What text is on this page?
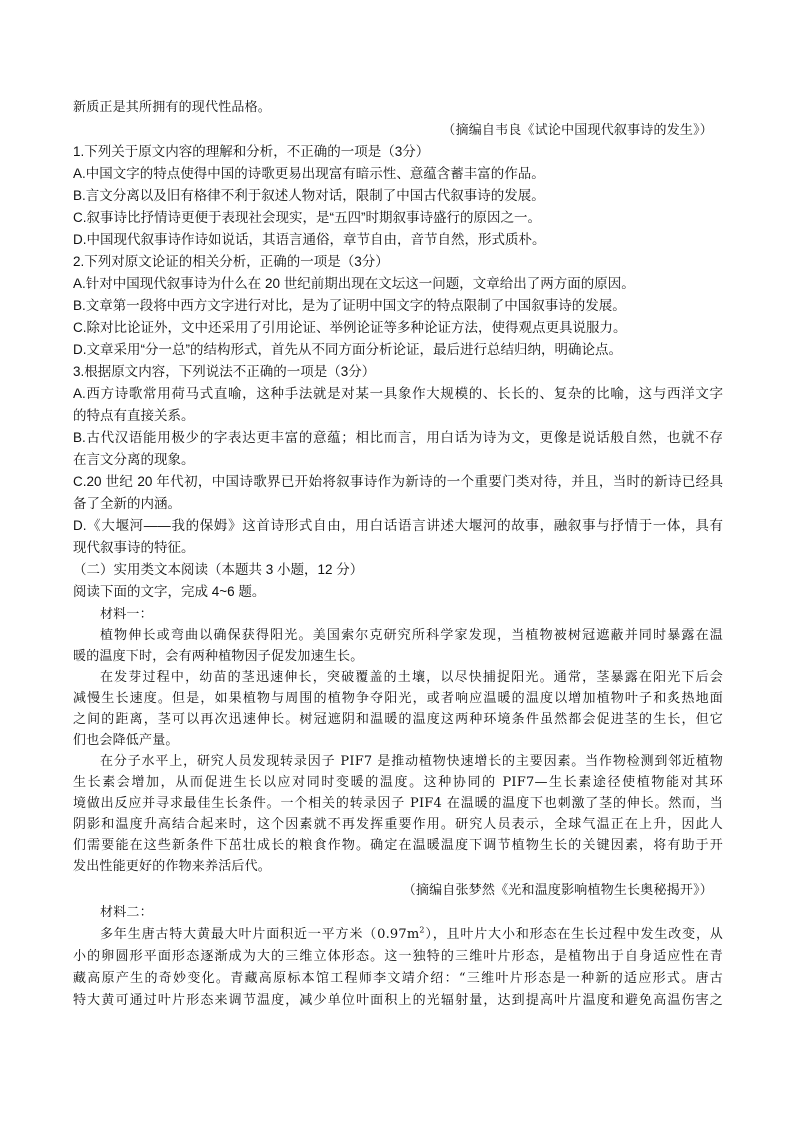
新质正是其所拥有的现代性品格。
（摘编自韦良《试论中国现代叙事诗的发生》）
1.下列关于原文内容的理解和分析，不正确的一项是（3分）
A.中国文字的特点使得中国的诗歌更易出现富有暗示性、意蕴含蓄丰富的作品。
B.言文分离以及旧有格律不利于叙述人物对话，限制了中国古代叙事诗的发展。
C.叙事诗比抒情诗更便于表现社会现实，是“五四”时期叙事诗盛行的原因之一。
D.中国现代叙事诗作诗如说话，其语言通俗，章节自由，音节自然，形式质朴。
2.下列对原文论证的相关分析，正确的一项是（3分）
A.针对中国现代叙事诗为什么在 20 世纪前期出现在文坛这一问题，文章给出了两方面的原因。
B.文章第一段将中西方文字进行对比，是为了证明中国文字的特点限制了中国叙事诗的发展。
C.除对比论证外，文中还采用了引用论证、举例论证等多种论证方法，使得观点更具说服力。
D.文章采用“分一总”的结构形式，首先从不同方面分析论证，最后进行总结归纳，明确论点。
3.根据原文内容，下列说法不正确的一项是（3分）
A.西方诗歌常用荷马式直喻，这种手法就是对某一具象作大规模的、长长的、复杂的比喻，这与西洋文字
的特点有直接关系。
B.古代汉语能用极少的字表达更丰富的意蕴；相比而言，用白话为诗为文，更像是说话般自然，也就不存
在言文分离的现象。
C.20 世纪 20 年代初，中国诗歌界已开始将叙事诗作为新诗的一个重要门类对待，并且，当时的新诗已经具
备了全新的内涵。
D.《大堰河——我的保姆》这首诗形式自由，用白话语言讲述大堰河的故事，融叙事与抒情于一体，具有
现代叙事诗的特征。
（二）实用类文本阅读（本题共 3 小题，12 分）
阅读下面的文字，完成 4~6 题。
材料一：
植物伸长或弯曲以确保获得阳光。美国索尔克研究所科学家发现，当植物被树冠遮蔽并同时暴露在温
暖的温度下时，会有两种植物因子促发加速生长。
在发芽过程中，幼苗的茎迅速伸长，突破覆盖的土壤，以尽快捕捉阳光。通常，茎暴露在阳光下后会
减慢生长速度。但是，如果植物与周围的植物争夺阳光，或者响应温暖的温度以增加植物叶子和炙热地面
之间的距离，茎可以再次迅速伸长。树冠遮阴和温暖的温度这两种环境条件虽然都会促进茎的生长，但它
们也会降低产量。
在分子水平上，研究人员发现转录因子 PIF7 是推动植物快速增长的主要因素。当作物检测到邻近植物
生长素会增加，从而促进生长以应对同时变暖的温度。这种协同的 PIF7—生长素途径使植物能对其环
境做出反应并寻求最佳生长条件。一个相关的转录因子 PIF4 在温暖的温度下也刺激了茎的伸长。然而，当
阴影和温度升高结合起来时，这个因素就不再发挥重要作用。研究人员表示，全球气温正在上升，因此人
们需要能在这些新条件下茁壮成长的粮食作物。确定在温暖温度下调节植物生长的关键因素，将有助于开
发出性能更好的作物来养活后代。
（摘编自张梦然《光和温度影响植物生长奥秘揭开》）
材料二：
多年生唐古特大黄最大叶片面积近一平方米$(0.97m^2)$，且叶片大小和形态在生长过程中发生改变，从
小的卵圆形平面形态逐渐成为大的三维立体形态。这一独特的三维叶片形态，是植物出于自身适应性在青
藏高原产生的奇妙变化。青藏高原标本馆工程师李文靖介绍：“三维叶片形态是一种新的适应形式。唐古
特大黄可通过叶片形态来调节温度，减少单位叶面积上的光辐射量，达到提高叶片温度和避免高温伤害之
